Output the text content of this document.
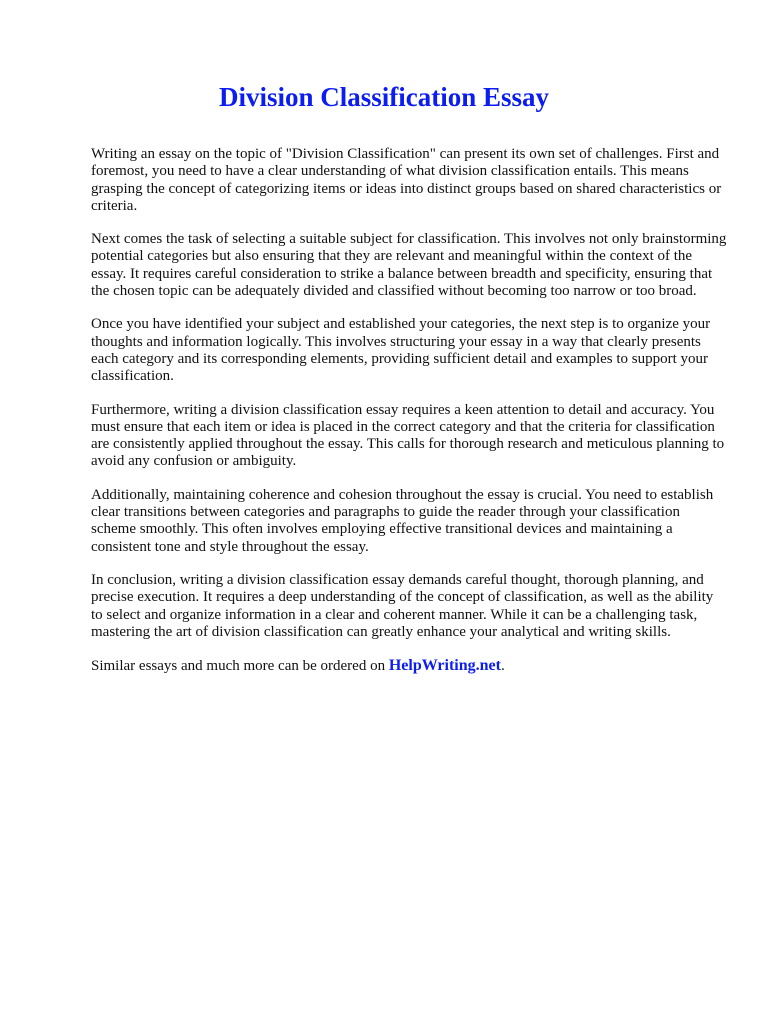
Division Classification Essay

Writing an essay on the topic of "Division Classification" can present its own set of challenges. First and foremost, you need to have a clear understanding of what division classification entails. This means grasping the concept of categorizing items or ideas into distinct groups based on shared characteristics or criteria.

Next comes the task of selecting a suitable subject for classification. This involves not only brainstorming potential categories but also ensuring that they are relevant and meaningful within the context of the essay. It requires careful consideration to strike a balance between breadth and specificity, ensuring that the chosen topic can be adequately divided and classified without becoming too narrow or too broad.

Once you have identified your subject and established your categories, the next step is to organize your thoughts and information logically. This involves structuring your essay in a way that clearly presents each category and its corresponding elements, providing sufficient detail and examples to support your classification.

Furthermore, writing a division classification essay requires a keen attention to detail and accuracy. You must ensure that each item or idea is placed in the correct category and that the criteria for classification are consistently applied throughout the essay. This calls for thorough research and meticulous planning to avoid any confusion or ambiguity.

Additionally, maintaining coherence and cohesion throughout the essay is crucial. You need to establish clear transitions between categories and paragraphs to guide the reader through your classification scheme smoothly. This often involves employing effective transitional devices and maintaining a consistent tone and style throughout the essay.

In conclusion, writing a division classification essay demands careful thought, thorough planning, and precise execution. It requires a deep understanding of the concept of classification, as well as the ability to select and organize information in a clear and coherent manner. While it can be a challenging task, mastering the art of division classification can greatly enhance your analytical and writing skills.

Similar essays and much more can be ordered on HelpWriting.net.
